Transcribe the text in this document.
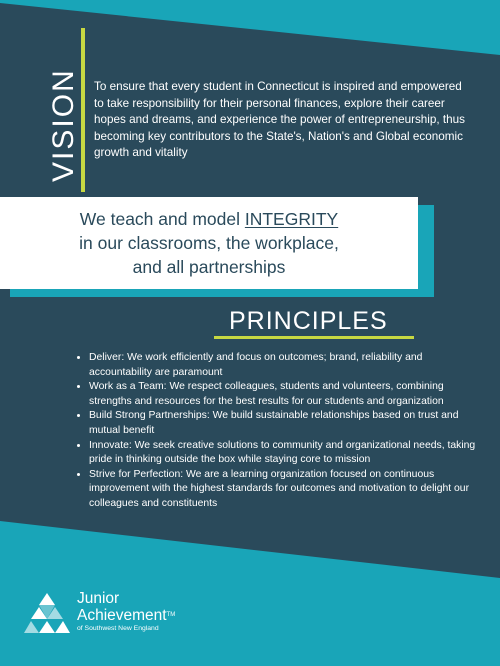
VISION To ensure that every student in Connecticut is inspired and empowered to take responsibility for their personal finances, explore their career hopes and dreams, and experience the power of entrepreneurship, thus becoming key contributors to the State's, Nation's and Global economic growth and vitality
We teach and model INTEGRITY
in our classrooms, the workplace,
and all partnerships
PRINCIPLES
• Deliver: We work efficiently and focus on outcomes; brand, reliability and accountability are paramount
• Work as a Team: We respect colleagues, students and volunteers, combining strengths and resources for the best results for our students and organization
• Build Strong Partnerships: We build sustainable relationships based on trust and mutual benefit
• Innovate: We seek creative solutions to community and organizational needs, taking pride in thinking outside the box while staying core to mission
• Strive for Perfection: We are a learning organization focused on continuous improvement with the highest standards for outcomes and motivation to delight our colleagues and constituents
Junior
Achievement™
of Southwest New England
